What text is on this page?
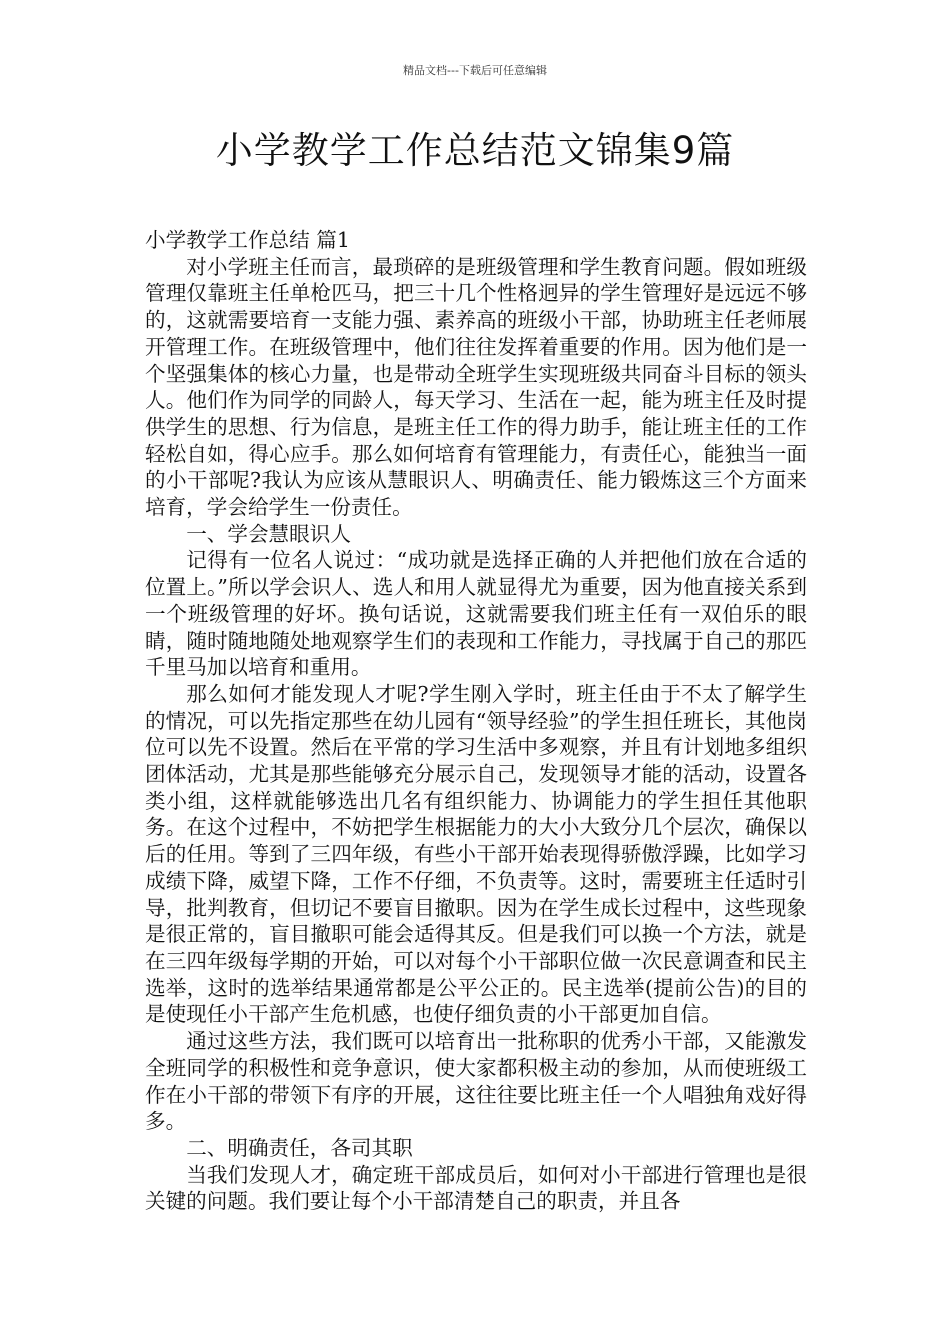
精品文档---下载后可任意编辑
小学教学工作总结范文锦集9篇

小学教学工作总结 篇1

对小学班主任而言，最琐碎的是班级管理和学生教育问题。假如班级管理仅靠班主任单枪匹马，把三十几个性格迥异的学生管理好是远远不够的，这就需要培育一支能力强、素养高的班级小干部，协助班主任老师展开管理工作。在班级管理中，他们往往发挥着重要的作用。因为他们是一个坚强集体的核心力量，也是带动全班学生实现班级共同奋斗目标的领头人。他们作为同学的同龄人，每天学习、生活在一起，能为班主任及时提供学生的思想、行为信息，是班主任工作的得力助手，能让班主任的工作轻松自如，得心应手。那么如何培育有管理能力，有责任心，能独当一面的小干部呢?我认为应该从慧眼识人、明确责任、能力锻炼这三个方面来培育，学会给学生一份责任。

一、学会慧眼识人

记得有一位名人说过：“成功就是选择正确的人并把他们放在合适的位置上。”所以学会识人、选人和用人就显得尤为重要，因为他直接关系到一个班级管理的好坏。换句话说，这就需要我们班主任有一双伯乐的眼睛，随时随地随处地观察学生们的表现和工作能力，寻找属于自己的那匹千里马加以培育和重用。

那么如何才能发现人才呢?学生刚入学时，班主任由于不太了解学生的情况，可以先指定那些在幼儿园有“领导经验”的学生担任班长，其他岗位可以先不设置。然后在平常的学习生活中多观察，并且有计划地多组织团体活动，尤其是那些能够充分展示自己，发现领导才能的活动，设置各类小组，这样就能够选出几名有组织能力、协调能力的学生担任其他职务。在这个过程中，不妨把学生根据能力的大小大致分几个层次，确保以后的任用。等到了三四年级，有些小干部开始表现得骄傲浮躁，比如学习成绩下降，威望下降，工作不仔细，不负责等。这时，需要班主任适时引导，批判教育，但切记不要盲目撤职。因为在学生成长过程中，这些现象是很正常的，盲目撤职可能会适得其反。但是我们可以换一个方法，就是在三四年级每学期的开始，可以对每个小干部职位做一次民意调查和民主选举，这时的选举结果通常都是公平公正的。民主选举(提前公告)的目的是使现任小干部产生危机感，也使仔细负责的小干部更加自信。

通过这些方法，我们既可以培育出一批称职的优秀小干部，又能激发全班同学的积极性和竞争意识，使大家都积极主动的参加，从而使班级工作在小干部的带领下有序的开展，这往往要比班主任一个人唱独角戏好得多。

二、明确责任，各司其职

当我们发现人才，确定班干部成员后，如何对小干部进行管理也是很关键的问题。我们要让每个小干部清楚自己的职责，并且各
